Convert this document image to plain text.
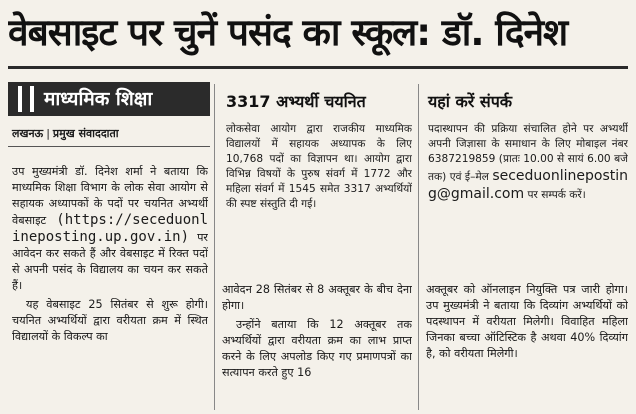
वेबसाइट पर चुनें पसंद का स्कूल: डॉ. दिनेश
माध्यमिक शिक्षा
लखनऊ | प्रमुख संवाददाता

उप मुख्यमंत्री डॉ. दिनेश शर्मा ने बताया कि माध्यमिक शिक्षा विभाग के लोक सेवा आयोग से सहायक अध्यापकों के पदों पर चयनित अभ्यर्थी वेबसाइट (https://seceduonlineposting.up.gov.in) पर आवेदन कर सकते हैं और वेबसाइट में रिक्त पदों से अपनी पसंद के विद्यालय का चयन कर सकते हैं।

यह वेबसाइट 25 सितंबर से शुरू होगी। चयनित अभ्यर्थियों द्वारा वरीयता क्रम में स्थित विद्यालयों के विकल्प का

3317 अभ्यर्थी चयनित
लोकसेवा आयोग द्वारा राजकीय माध्यमिक विद्यालयों में सहायक अध्यापक के लिए 10,768 पदों का विज्ञापन था। आयोग द्वारा विभिन्न विषयों के पुरुष संवर्ग में 1772 और महिला संवर्ग में 1545 समेत 3317 अभ्यर्थियों की स्पष्ट संस्तुति दी गई।
यहां करें संपर्क
पदास्थापन की प्रक्रिया संचालित होने पर अभ्यर्थी अपनी जिज्ञासा के समाधान के लिए मोबाइल नंबर 6387219859 (प्रातः 10.00 से सायं 6.00 बजे तक) एवं ई–मेल seceduonlineposting@gmail.com पर सम्पर्क करें।

आवेदन 28 सितंबर से 8 अक्तूबर के बीच देना होगा।

उन्होंने बताया कि 12 अक्तूबर तक अभ्यर्थियों द्वारा वरीयता क्रम का लाभ प्राप्त करने के लिए अपलोड किए गए प्रमाणपत्रों का सत्यापन करते हुए 16

अक्तूबर को ऑनलाइन नियुक्ति पत्र जारी होगा। उप मुख्यमंत्री ने बताया कि दिव्यांग अभ्यर्थियों को पदस्थापन में वरीयता मिलेगी। विवाहित महिला जिनका बच्चा ऑटिस्टिक है अथवा 40% दिव्यांग है, को वरीयता मिलेगी।
